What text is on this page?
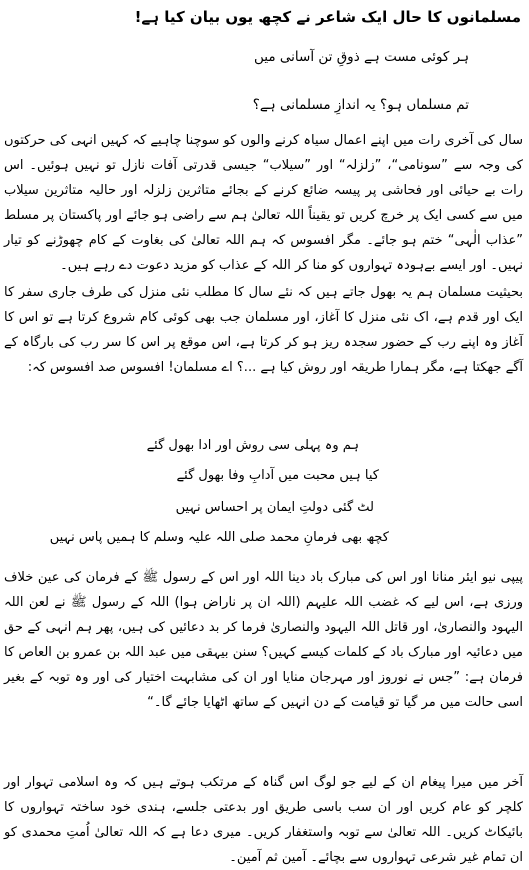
مسلمانوں کا حال ایک شاعر نے کچھ یوں بیان کیا ہے!
ہر کوئی مست ہے ذوقِ تن آسانی میں
تم مسلماں ہو؟ یہ اندازِ مسلمانی ہے؟
سال کی آخری رات میں اپنے اعمال سیاہ کرنے والوں کو سوچنا چاہیے کہ کہیں انہی کی حرکتوں کی وجہ سے ”سونامی“، ”زلزلہ“ اور ”سیلاب“ جیسی قدرتی آفات نازل تو نہیں ہوئیں۔ اس رات بے حیائی اور فحاشی پر پیسہ ضائع کرنے کے بجائے متاثرین زلزلہ اور حالیہ متاثرین سیلاب میں سے کسی ایک پر خرچ کریں تو یقیناً اللہ تعالیٰ ہم سے راضی ہو جائے اور پاکستان پر مسلط ”عذاب الٰہی“ ختم ہو جائے۔ مگر افسوس کہ ہم اللہ تعالیٰ کی بغاوت کے کام چھوڑنے کو تیار نہیں۔ اور ایسے بےہودہ تہواروں کو منا کر اللہ کے عذاب کو مزید دعوت دے رہے ہیں۔
بحیثیت مسلمان ہم یہ بھول جاتے ہیں کہ نئے سال کا مطلب نئی منزل کی طرف جاری سفر کا ایک اور قدم ہے، اک نئی منزل کا آغاز، اور مسلمان جب بھی کوئی کام شروع کرتا ہے تو اس کا آغاز وہ اپنے رب کے حضور سجدہ ریز ہو کر کرتا ہے، اس موقع پر اس کا سر رب کی بارگاہ کے آگے جھکتا ہے، مگر ہمارا طریقہ اور روش کیا ہے ...؟ اے مسلمان! افسوس صد افسوس کہ:
ہم وہ پہلی سی روش اور ادا بھول گئے
کیا ہیں محبت میں آدابِ وفا بھول گئے
لٹ گئی دولتِ ایمان پر احساس نہیں
کچھ بھی فرمانِ محمد صلی اللہ علیہ وسلم کا ہمیں پاس نہیں
پیپی نیو ایئر منانا اور اس کی مبارک باد دینا اللہ اور اس کے رسول ﷺ کے فرمان کی عین خلاف ورزی ہے، اس لیے کہ غضب اللہ علیہم (اللہ ان پر ناراض ہوا) اللہ کے رسول ﷺ نے لعن اللہ الیہود والنصاریٰ، اور قاتل اللہ الیہود والنصاریٰ فرما کر بد دعائیں کی ہیں، پھر ہم انہی کے حق میں دعائیہ اور مبارک باد کے کلمات کیسے کہیں؟ سنن بیہقی میں عبد اللہ بن عمرو بن العاص کا فرمان ہے: ”جس نے نوروز اور مہرجان منایا اور ان کی مشابہت اختیار کی اور وہ توبہ کے بغیر اسی حالت میں مر گیا تو قیامت کے دن انہیں کے ساتھ اٹھایا جائے گا۔“
آخر میں میرا پیغام ان کے لیے جو لوگ اس گناہ کے مرتکب ہوتے ہیں کہ وہ اسلامی تہوار اور کلچر کو عام کریں اور ان سب باسی طریق اور بدعتی جلسے، ہندی خود ساختہ تہواروں کا بائیکاٹ کریں۔ اللہ تعالیٰ سے توبہ واستغفار کریں۔ میری دعا ہے کہ اللہ تعالیٰ اُمتِ محمدی کو ان تمام غیر شرعی تہواروں سے بچائے۔ آمین ثم آمین۔
